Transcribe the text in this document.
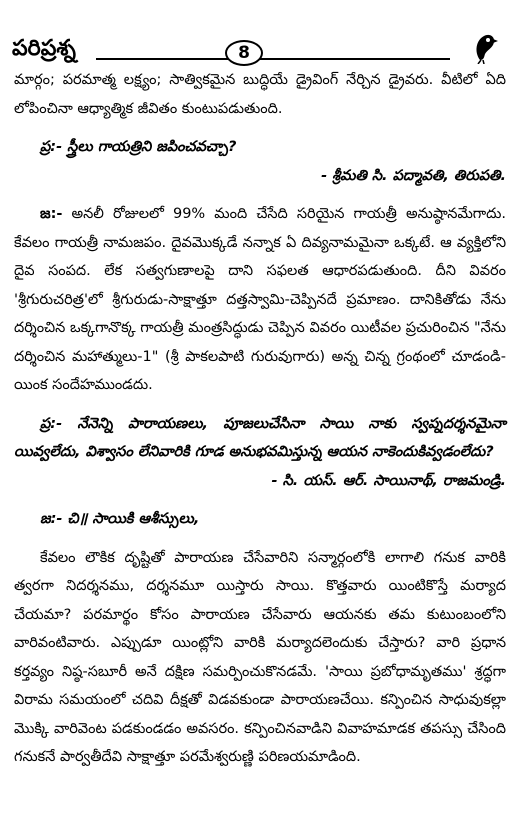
పరిప్రశ్న	8

మార్గం; పరమాత్మ లక్ష్యం; సాత్వికమైన బుద్ధియే డ్రైవింగ్ నేర్చిన డ్రైవరు. వీటిలో ఏది లోపించినా ఆధ్యాత్మిక జీవితం కుంటుపడుతుంది.

ప్ర:- స్త్రీలు గాయత్రిని జపించవచ్చా?

- శ్రీమతి సి. పద్మావతి, తిరుపతి.

జ:- అనలీ రోజులలో 99% మంది చేసేది సరియైన గాయత్రీ అనుష్ఠానమేగాదు. కేవలం గాయత్రీ నామజపం. దైవమొక్కడే నన్నాక ఏ దివ్యనామమైనా ఒక్కటే. ఆ వ్యక్తిలోని దైవ సంపద. లేక సత్వగుణాలపై దాని సఫలత ఆధారపడుతుంది. దీని వివరం 'శ్రీగురుచరిత్ర'లో శ్రీగురుడు-సాక్షాత్తూ దత్తస్వామి-చెప్పినదే ప్రమాణం. దానికితోడు నేను దర్శించిన ఒక్కగానొక్క గాయత్రీ మంత్రసిద్ధుడు చెప్పిన వివరం యిటీవల ప్రచురించిన "నేను దర్శించిన మహాత్ములు-1" (శ్రీ పాకలపాటి గురువుగారు) అన్న చిన్న గ్రంథంలో చూడండి-యింక సందేహముండదు.

ప్ర:- నేనెన్ని పారాయణలు, పూజలుచేసినా సాయి నాకు స్వప్నదర్శనమైనా యివ్వలేదు, విశ్వాసం లేనివారికి గూడ అనుభవమిస్తున్న ఆయన నాకెందుకివ్వడంలేదు?

- సి. యస్. ఆర్. సాయినాథ్, రాజమండ్రి.

జ:- చి॥ సాయికి ఆశీస్సులు,

కేవలం లౌకిక దృష్టితో పారాయణ చేసేవారిని సన్మార్గంలోకి లాగాలి గనుక వారికి త్వరగా నిదర్శనము, దర్శనమూ యిస్తారు సాయి. కొత్తవారు యింటికొస్తే మర్యాద చేయమా? పరమార్థం కోసం పారాయణ చేసేవారు ఆయనకు తమ కుటుంబంలోని వారివంటివారు. ఎప్పుడూ యింట్లోని వారికి మర్యాదలెందుకు చేస్తారు? వారి ప్రధాన కర్తవ్యం నిష్ఠ-సబూరీ అనే దక్షిణ సమర్పించుకొనడమే. 'సాయి ప్రబోధామృతము' శ్రద్ధగా విరామ సమయంలో చదివి దీక్షతో విడవకుండా పారాయణచేయి. కన్పించిన సాధువుకల్లా మొక్కి వారివెంట పడకుండడం అవసరం. కన్పించినవాడిని వివాహమాడక తపస్సు చేసింది గనుకనే పార్వతీదేవి సాక్షాత్తూ పరమేశ్వరుణ్ణి పరిణయమాడింది.
